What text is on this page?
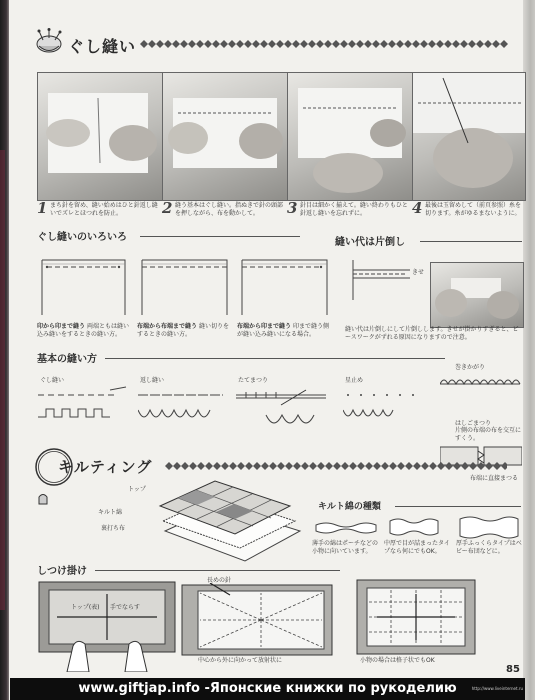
ぐし縫い
1 まち針を留め、縫い始めはひと針返し縫いでズレとほつれを防止。	2 縫う基本はぐし縫い。指ぬきで針の頭部を押しながら、布を動かして。	3 針目は細かく揃えて。縫い終わりもひと針返し縫いを忘れずに。	4 最後は玉留めして（前頁参照）糸を切ります。糸がゆるまないように。
ぐし縫いのいろいろ
印から印まで縫う 両端ともは縫い込み縫いをするときの縫い方。
布端から布端まで縫う 縫い切りをするときの縫い方。
布端から印まで縫う 印まで縫う側が縫い込み縫いになる場合。
縫い代は片倒し
きせ
縫い代は片倒しにして片倒しします。きせが掛かりすぎると、ピースワークがずれる原因になりますので注意。
基本の縫い方
ぐし縫い	返し縫い	たてまつり	星止め
巻きかがり
はしごまつり
片側の布端の布を交互にすくう。
布端に直接まつる
キルティング
トップ
キルト綿
裏打ち布
キルト綿の種類
薄手の綿はポーチなどの小物に向いています。
中厚で目が詰まったタイプなら何にでもOK。
厚手ふっくらタイプはベビー布団などに。
しつけ掛け
トップ(表) 手でならす
長めの針
中心から外に向かって放射状に	小物の場合は格子状でもOK
85
www.giftjap.info -Японские книжки по рукоделию	http://www.liveinternet.ru
